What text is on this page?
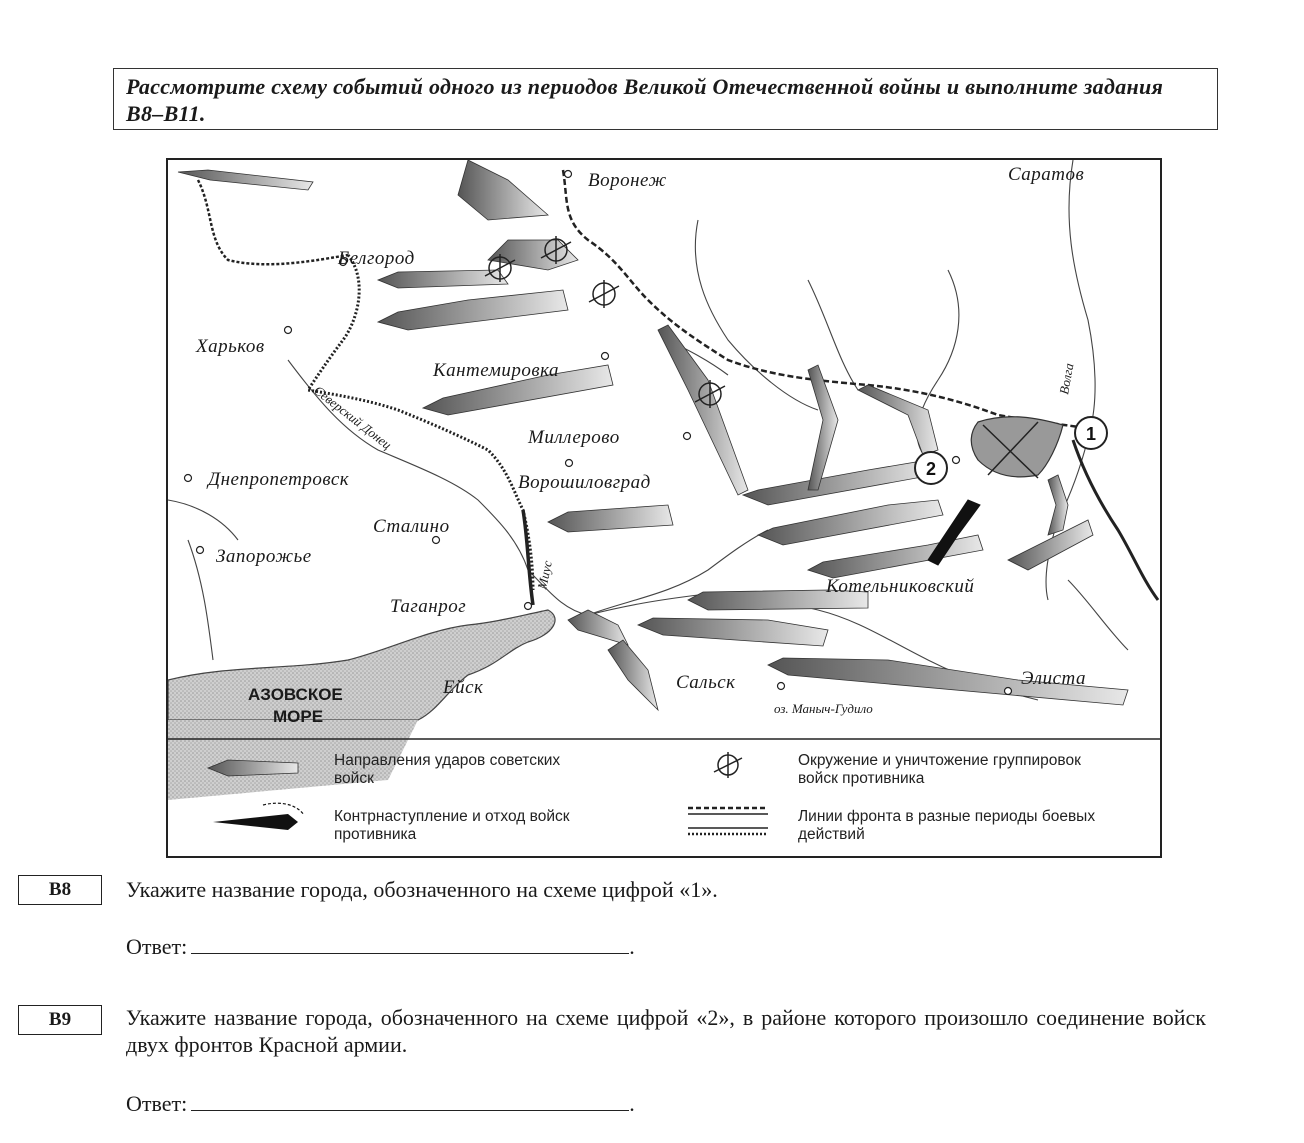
Рассмотрите схему событий одного из периодов Великой Отечественной войны и выполните задания В8–В11.
1
2
Воронеж	Саратов
Белгород
Харьков
Кантемировка
Миллерово
Ворошиловград
Днепропетровск
Сталино
Запорожье
Таганрог
Котельниковский
Ейск	Сальск	Элиста
Волга
Северский Донец
Миус
оз. Маныч-Гудило
АЗОВСКОЕ
МОРЕ
Направления ударов советских войск
Окружение и уничтожение группировок войск противника
Контрнаступление и отход войск противника
Линии фронта в разные периоды боевых действий
В8	Укажите название города, обозначенного на схеме цифрой «1».
Ответ:	.
В9	Укажите название города, обозначенного на схеме цифрой «2», в районе которого произошло соединение войск двух фронтов Красной армии.
Ответ:	.
